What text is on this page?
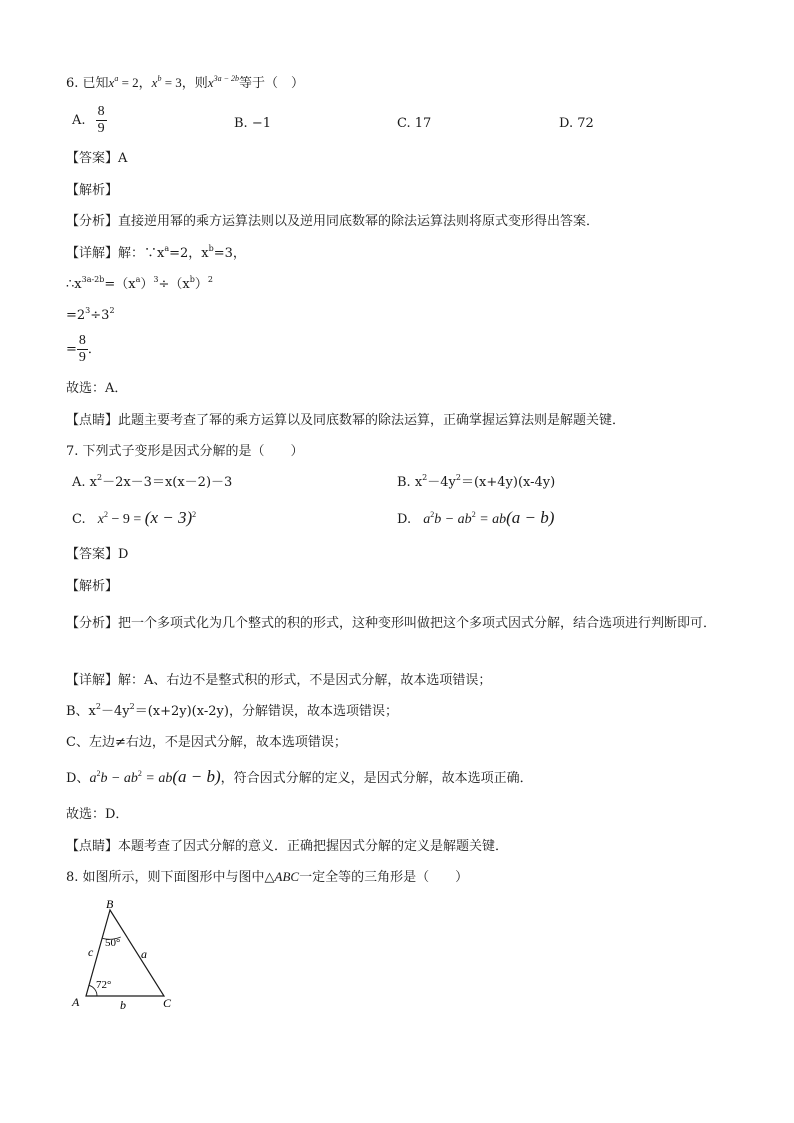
6. 已知$x^a = 2$，$x^b = 3$，则$x^{3a - 2b}$等于（　）
A. $\frac{8}{9}$	B. −1	C. 17	D. 72
【答案】A
【解析】
【分析】直接逆用幂的乘方运算法则以及逆用同底数幂的除法运算法则将原式变形得出答案．
【详解】解：$\because x^a=2$，$x^b=3$，
$\therefore x^{3a-2b}=(x^a)^3\div(x^b)^2$
$=2^3\div 3^2$
= $\frac{8}{9}$ ．
故选：A．
【点睛】此题主要考查了幂的乘方运算以及同底数幂的除法运算，正确掌握运算法则是解题关键．
7. 下列式子变形是因式分解的是（　　）
A. $x^2-2x-3=x(x-2)-3$	B. $x^2-4y^2=(x+4y)(x-4y)$
C. $x^2 - 9 = (x - 3)^2$	D. $a^2b - ab^2 = ab(a - b)$
【答案】D
【解析】
【分析】把一个多项式化为几个整式的积的形式，这种变形叫做把这个多项式因式分解，结合选项进行判断即可．
【详解】解：A、右边不是整式积的形式，不是因式分解，故本选项错误；
B、$x^2-4y^2=(x+2y)(x-2y)$，分解错误，故本选项错误；
C、左边≠右边，不是因式分解，故本选项错误；
D、$a^2b - ab^2 = ab(a - b)$，符合因式分解的定义，是因式分解，故本选项正确．
故选：D．
【点睛】本题考查了因式分解的意义．正确把握因式分解的定义是解题关键．
8. 如图所示，则下面图形中与图中△ABC一定全等的三角形是（　　）
B
A	C
a
b
c
50°
72°
